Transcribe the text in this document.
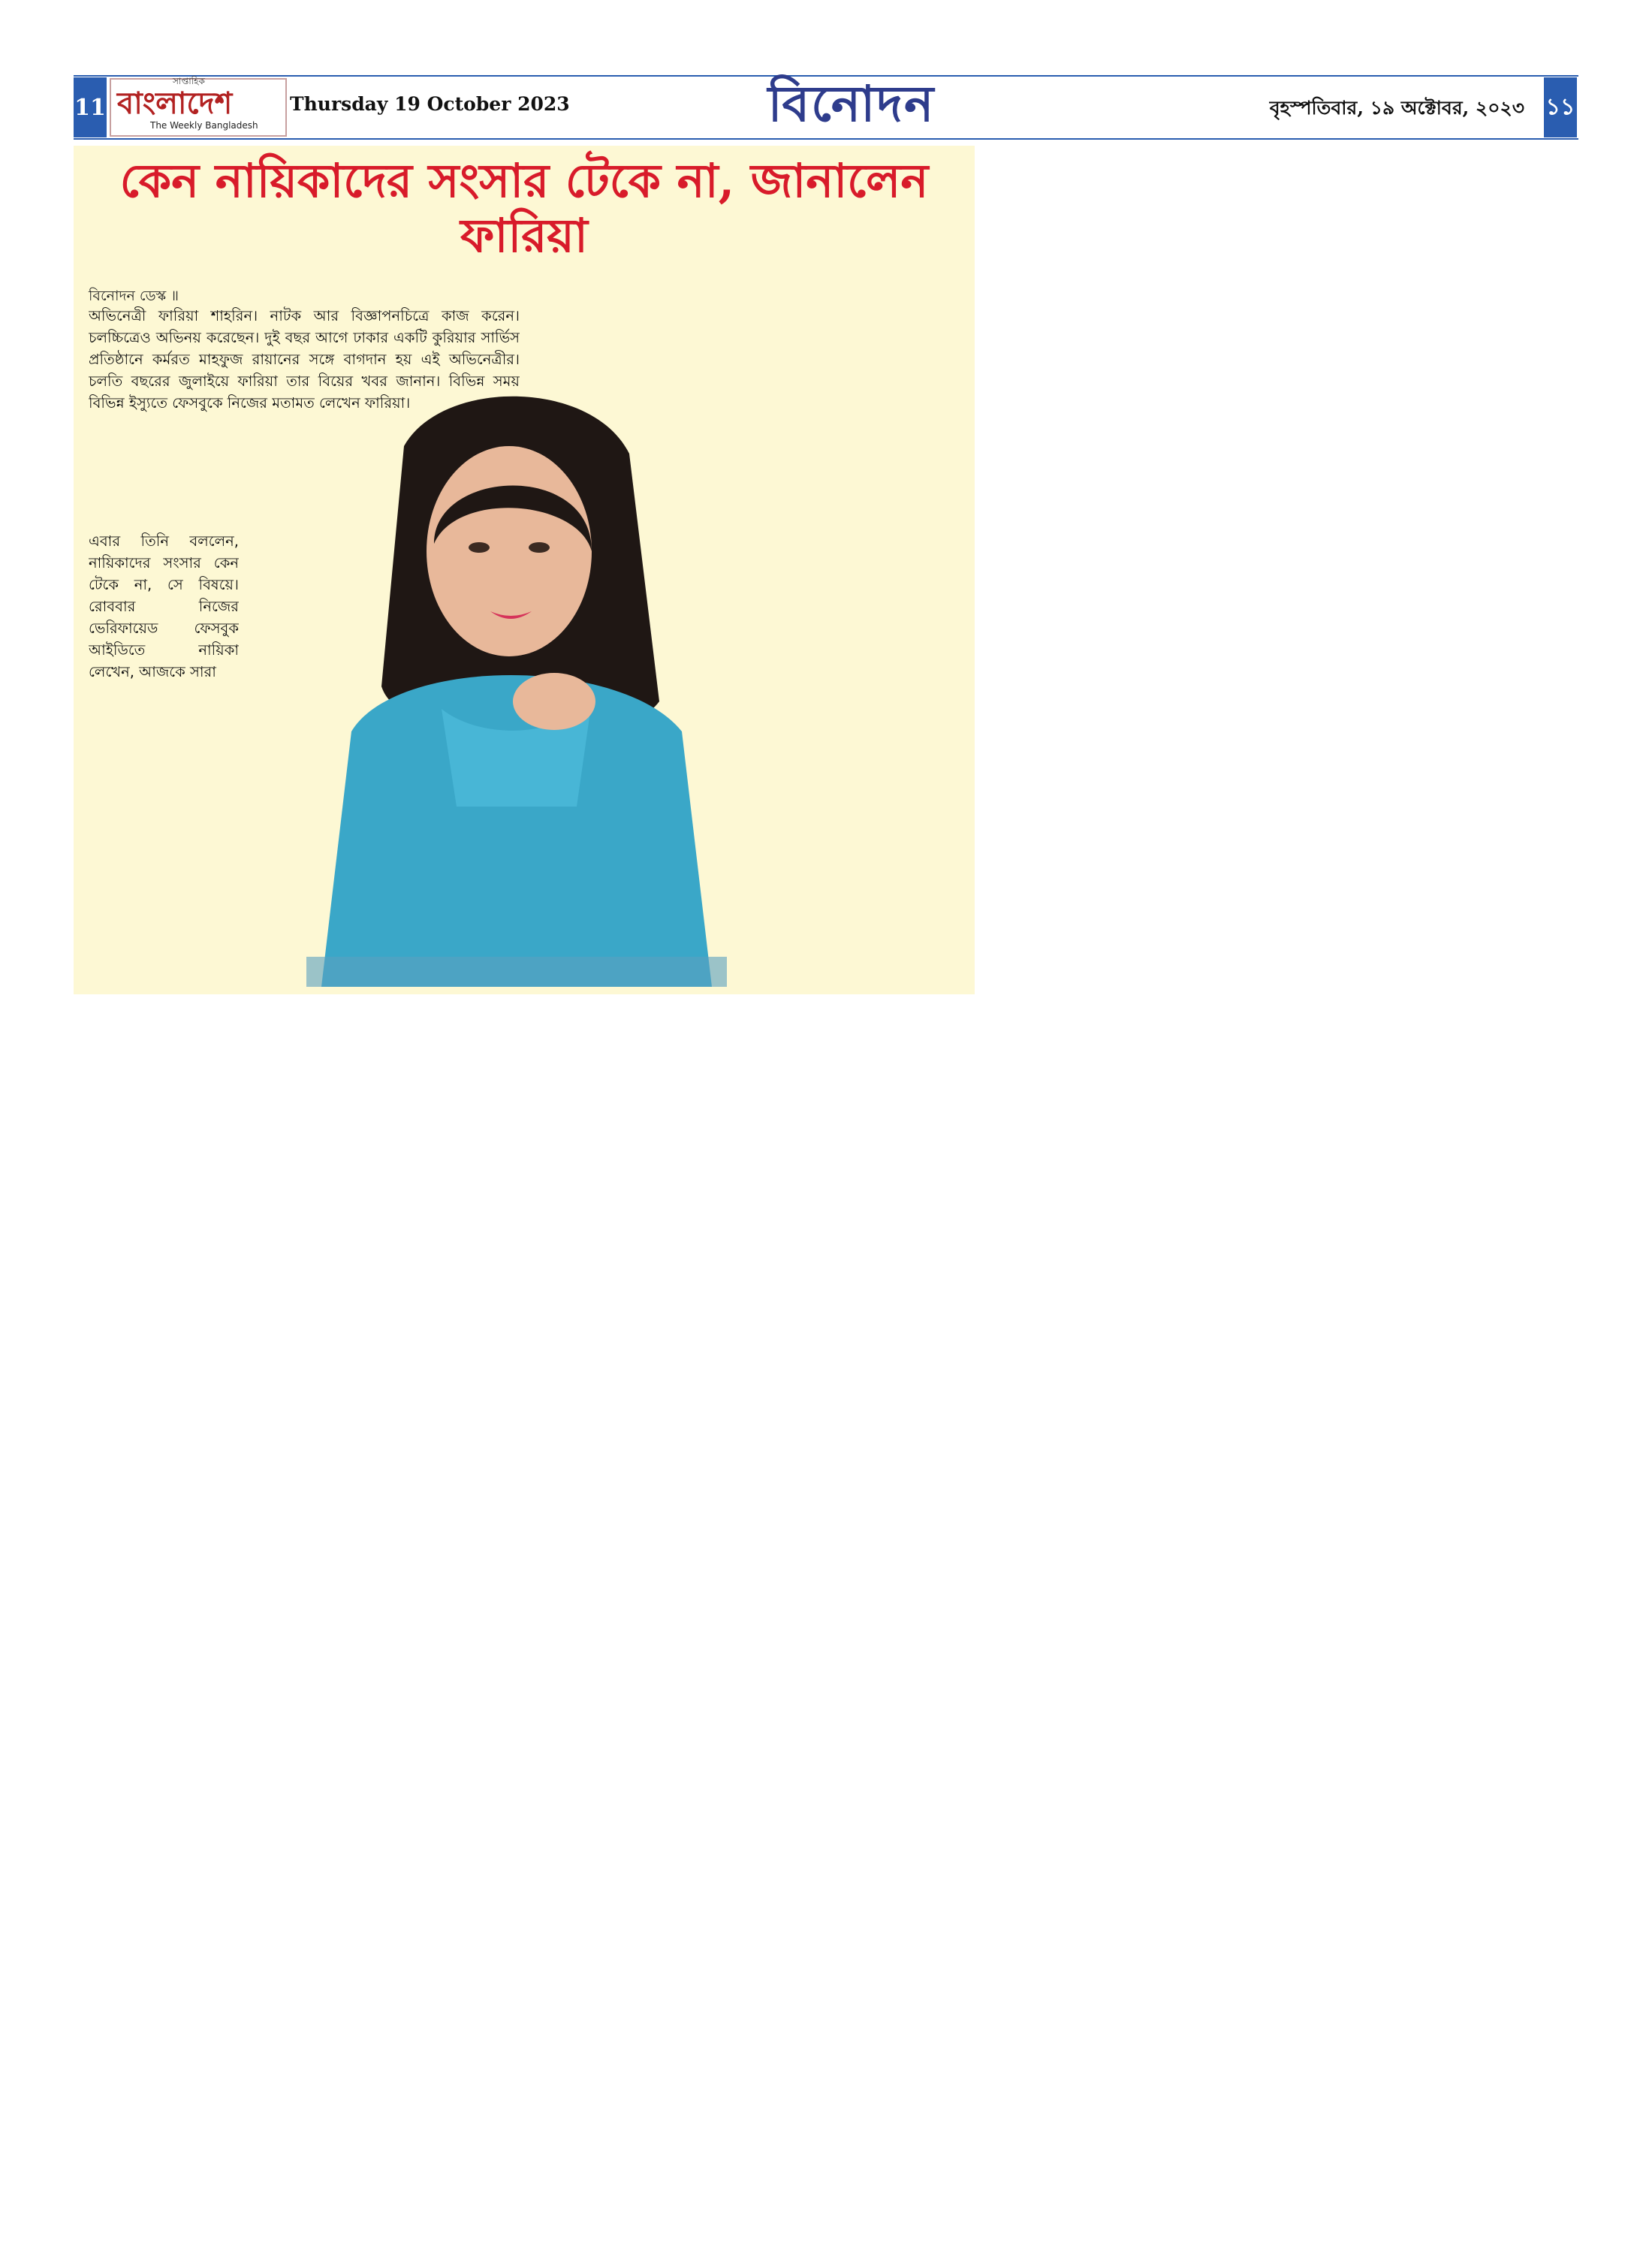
11
সাপ্তাহিক
বাংলাদেশ
The Weekly Bangladesh
Thursday 19 October 2023	বিনোদন	বৃহস্পতিবার, ১৯ অক্টোবর, ২০২৩ ১১
কেন নায়িকাদের সংসার টেকে না, জানালেন ফারিয়া
বিনোদন ডেস্ক ॥
অভিনেত্রী ফারিয়া শাহরিন। নাটক আর বিজ্ঞাপনচিত্রে কাজ করেন। চলচ্চিত্রেও অভিনয় করেছেন। দুই বছর আগে ঢাকার একটি কুরিয়ার সার্ভিস প্রতিষ্ঠানে কর্মরত মাহফুজ রায়ানের সঙ্গে বাগদান হয় এই অভিনেত্রীর। চলতি বছরের জুলাইয়ে ফারিয়া তার বিয়ের খবর জানান। বিভিন্ন সময় বিভিন্ন ইস্যুতে ফেসবুকে নিজের মতামত লেখেন ফারিয়া।
এবার তিনি বললেন, নায়িকাদের সংসার কেন টেকে না, সে বিষয়ে। রোববার নিজের ভেরিফায়েড ফেসবুক আইডিতে নায়িকা লেখেন, আজকে সারা
